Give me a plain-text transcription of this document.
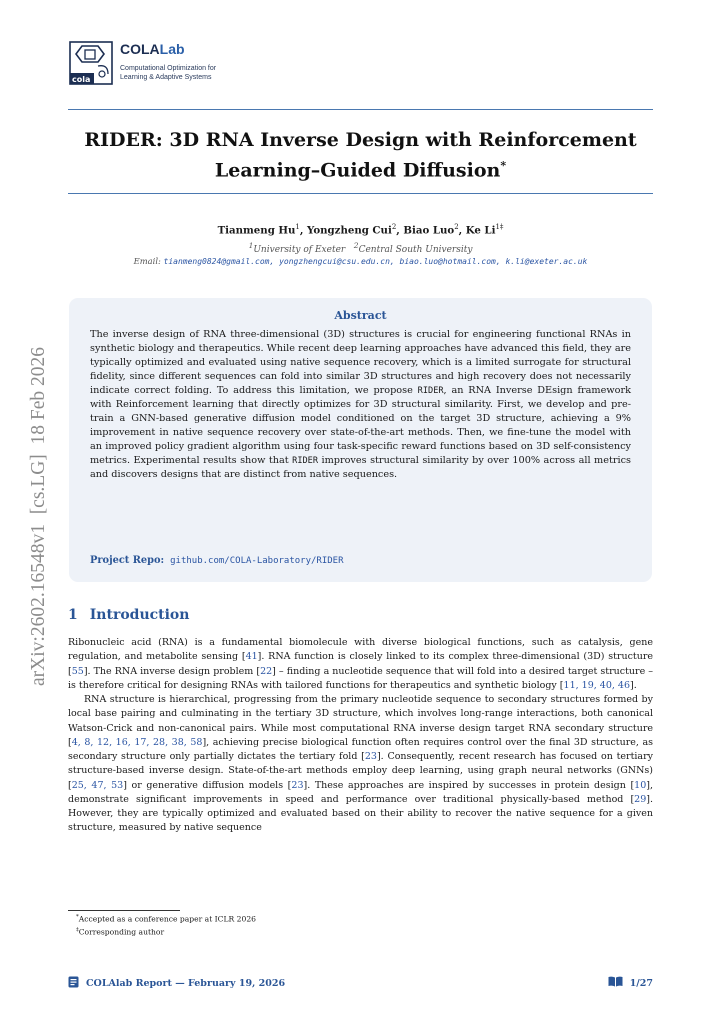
cola
COLALab
Computational Optimization for
Learning & Adaptive Systems
RIDER: 3D RNA Inverse Design with Reinforcement
Learning–Guided Diffusion*
Tianmeng Hu$^1$, Yongzheng Cui$^2$, Biao Luo$^2$, Ke $Li^{1\ddagger}$
$^1$University of Exeter $^2$Central South University
Email: tianmeng0824@gmail.com, yongzhengcui@csu.edu.cn, biao.luo@hotmail.com, k.li@exeter.ac.uk
arXiv:2602.16548v1  [cs.LG]  18 Feb 2026
Abstract

The inverse design of RNA three-dimensional (3D) structures is crucial for engineering functional RNAs in synthetic biology and therapeutics. While recent deep learning approaches have advanced this field, they are typically optimized and evaluated using native sequence recovery, which is a limited surrogate for structural fidelity, since different sequences can fold into similar 3D structures and high recovery does not necessarily indicate correct folding. To address this limitation, we propose RIDER, an RNA Inverse DEsign framework with Reinforcement learning that directly optimizes for 3D structural similarity. First, we develop and pre-train a GNN-based generative diffusion model conditioned on the target 3D structure, achieving a 9% improvement in native sequence recovery over state-of-the-art methods. Then, we fine-tune the model with an improved policy gradient algorithm using four task-specific reward functions based on 3D self-consistency metrics. Experimental results show that RIDER improves structural similarity by over 100% across all metrics and discovers designs that are distinct from native sequences.

Project Repo: github.com/COLA-Laboratory/RIDER
1 Introduction

Ribonucleic acid (RNA) is a fundamental biomolecule with diverse biological functions, such as catalysis, gene regulation, and metabolite sensing [41]. RNA function is closely linked to its complex three-dimensional (3D) structure [55]. The RNA inverse design problem [22] – finding a nucleotide sequence that will fold into a desired target structure – is therefore critical for designing RNAs with tailored functions for therapeutics and synthetic biology [11, 19, 40, 46].

RNA structure is hierarchical, progressing from the primary nucleotide sequence to secondary structures formed by local base pairing and culminating in the tertiary 3D structure, which involves long-range interactions, both canonical Watson-Crick and non-canonical pairs. While most computational RNA inverse design target RNA secondary structure [4, 8, 12, 16, 17, 28, 38, 58], achieving precise biological function often requires control over the final 3D structure, as secondary structure only partially dictates the tertiary fold [23]. Consequently, recent research has focused on tertiary structure-based inverse design. State-of-the-art methods employ deep learning, using graph neural networks (GNNs) [25, 47, 53] or generative diffusion models [23]. These approaches are inspired by successes in protein design [10], demonstrate significant improvements in speed and performance over traditional physically-based method [29]. However, they are typically optimized and evaluated based on their ability to recover the native sequence for a given structure, measured by native sequence

*Accepted as a conference paper at ICLR 2026
‡Corresponding author
COLAlab Report — February 19, 2026	1/27
